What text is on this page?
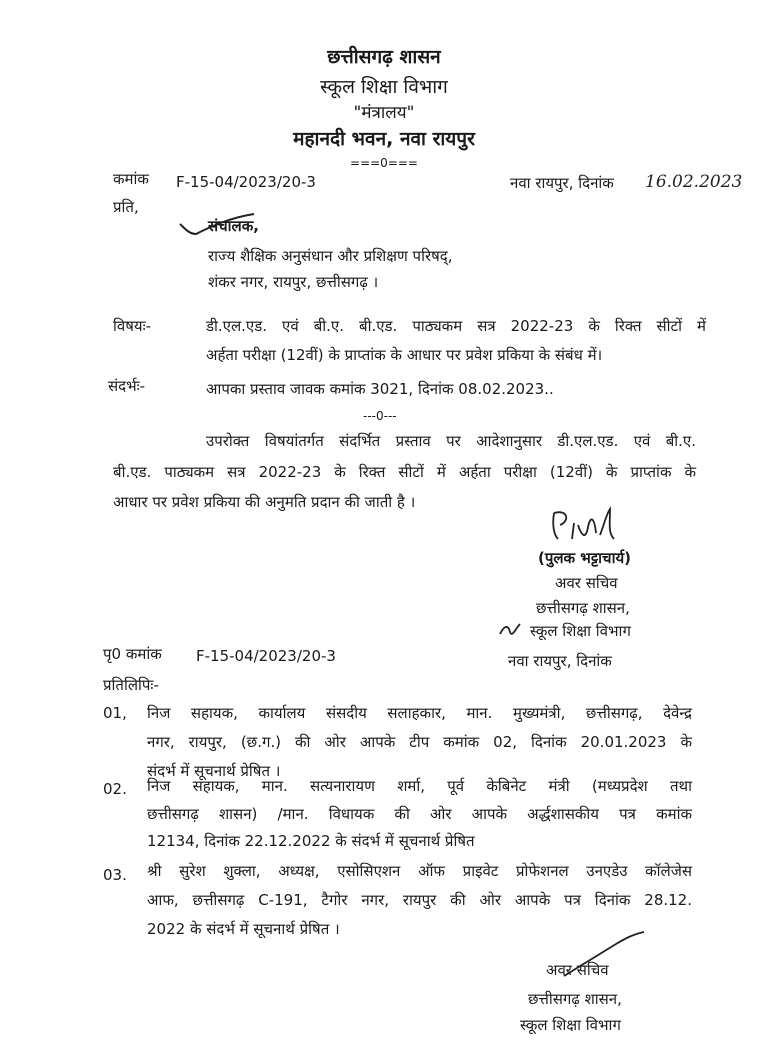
छत्तीसगढ़ शासन
स्कूल शिक्षा विभाग
"मंत्रालय"
महानदी भवन, नवा रायपुर
===0===
कमांक F-15-04/2023/20-3	नवा रायपुर, दिनांक 16.02.2023
प्रति,
संचालक,
राज्य शैक्षिक अनुसंधान और प्रशिक्षण परिषद्,
शंकर नगर, रायपुर, छत्तीसगढ़ ।
विषयः-	डी.एल.एड. एवं बी.ए. बी.एड. पाठ्यकम सत्र 2022-23 के रिक्त सीटों में
अर्हता परीक्षा (12वीं) के प्राप्तांक के आधार पर प्रवेश प्रकिया के संबंध में।
संदर्भः-	आपका प्रस्ताव जावक कमांक 3021, दिनांक 08.02.2023..
---0---
उपरोक्त विषयांतर्गत संदर्भित प्रस्ताव पर आदेशानुसार डी.एल.एड. एवं बी.ए.
बी.एड. पाठ्यकम सत्र 2022-23 के रिक्त सीटों में अर्हता परीक्षा (12वीं) के प्राप्तांक के
आधार पर प्रवेश प्रकिया की अनुमति प्रदान की जाती है ।
(पुलक भट्टाचार्य)
अवर सचिव
छत्तीसगढ़ शासन,
स्कूल शिक्षा विभाग
पृ0 कमांक F-15-04/2023/20-3	नवा रायपुर, दिनांक
प्रतिलिपिः-
01, निज सहायक, कार्यालय संसदीय सलाहकार, मान. मुख्यमंत्री, छत्तीसगढ़, देवेन्द्र
नगर, रायपुर, (छ.ग.) की ओर आपके टीप कमांक 02, दिनांक 20.01.2023 के
संदर्भ में सूचनार्थ प्रेषित ।
02. निज सहायक, मान. सत्यनारायण शर्मा, पूर्व केबिनेट मंत्री (मध्यप्रदेश तथा
छत्तीसगढ़ शासन) /मान. विधायक की ओर आपके अर्द्धशासकीय पत्र कमांक
12134, दिनांक 22.12.2022 के संदर्भ में सूचनार्थ प्रेषित
03. श्री सुरेश शुक्ला, अध्यक्ष, एसोसिएशन ऑफ प्राइवेट प्रोफेशनल उनएडेउ कॉलेजेस
आफ, छत्तीसगढ़ C-191, टैगोर नगर, रायपुर की ओर आपके पत्र दिनांक 28.12.
2022 के संदर्भ में सूचनार्थ प्रेषित ।
अवर सचिव
छत्तीसगढ़ शासन,
स्कूल शिक्षा विभाग
